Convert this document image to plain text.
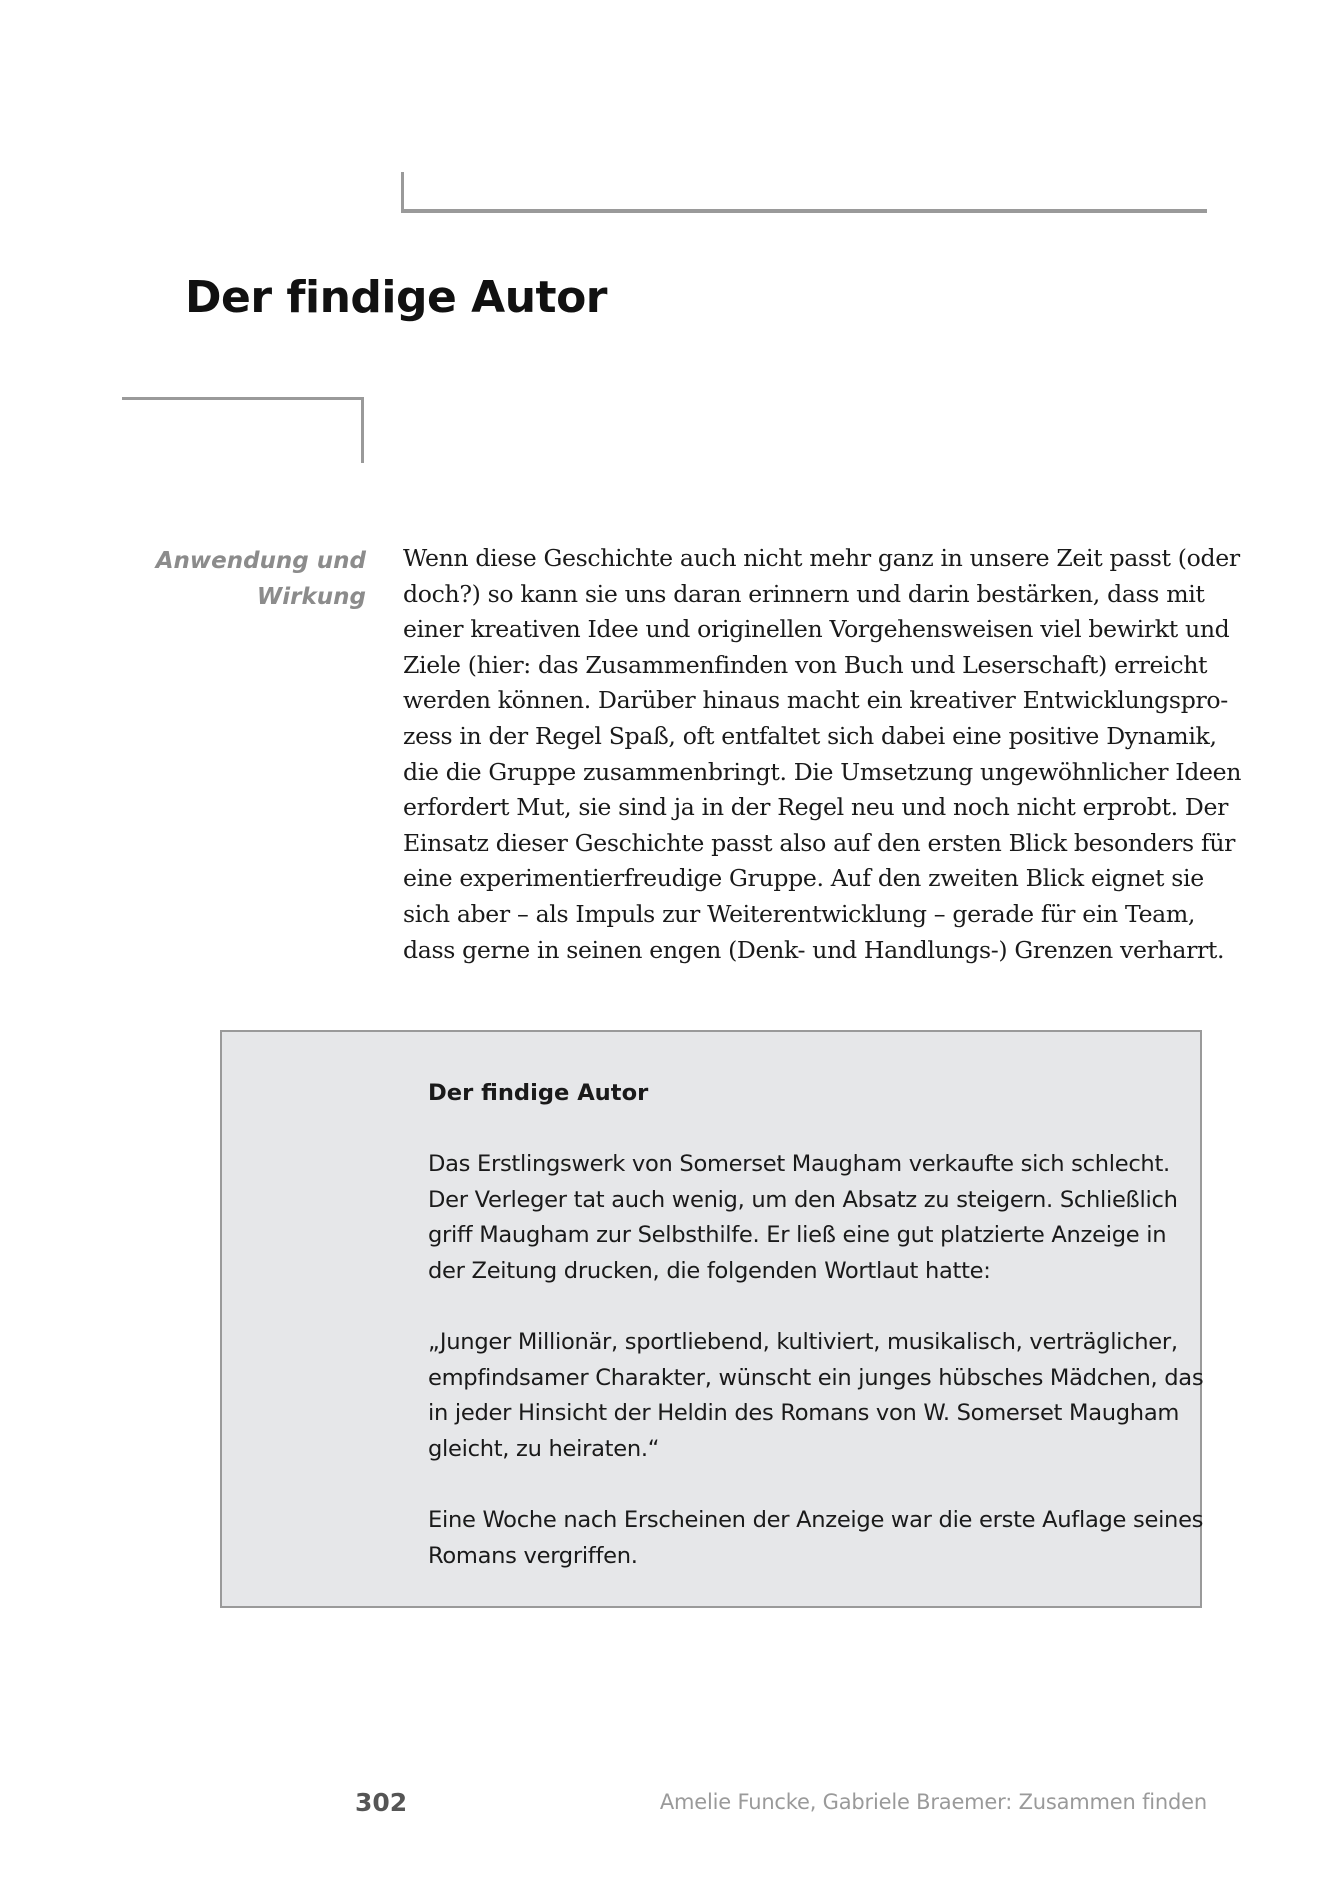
Der findige Autor
Anwendung und
Wirkung
Wenn diese Geschichte auch nicht mehr ganz in unsere Zeit passt (oder
doch?) so kann sie uns daran erinnern und darin bestärken, dass mit
einer kreativen Idee und originellen Vorgehensweisen viel bewirkt und
Ziele (hier: das Zusammenfinden von Buch und Leserschaft) erreicht
werden können. Darüber hinaus macht ein kreativer Entwicklungspro-
zess in der Regel Spaß, oft entfaltet sich dabei eine positive Dynamik,
die die Gruppe zusammenbringt. Die Umsetzung ungewöhnlicher Ideen
erfordert Mut, sie sind ja in der Regel neu und noch nicht erprobt. Der
Einsatz dieser Geschichte passt also auf den ersten Blick besonders für
eine experimentierfreudige Gruppe. Auf den zweiten Blick eignet sie
sich aber – als Impuls zur Weiterentwicklung – gerade für ein Team,
dass gerne in seinen engen (Denk- und Handlungs-) Grenzen verharrt.

Der findige Autor

Das Erstlingswerk von Somerset Maugham verkaufte sich schlecht.
Der Verleger tat auch wenig, um den Absatz zu steigern. Schließlich
griff Maugham zur Selbsthilfe. Er ließ eine gut platzierte Anzeige in
der Zeitung drucken, die folgenden Wortlaut hatte:
„Junger Millionär, sportliebend, kultiviert, musikalisch, verträglicher,
empfindsamer Charakter, wünscht ein junges hübsches Mädchen, das
in jeder Hinsicht der Heldin des Romans von W. Somerset Maugham
gleicht, zu heiraten.“
Eine Woche nach Erscheinen der Anzeige war die erste Auflage seines
Romans vergriffen.
302	Amelie Funcke, Gabriele Braemer: Zusammen finden
